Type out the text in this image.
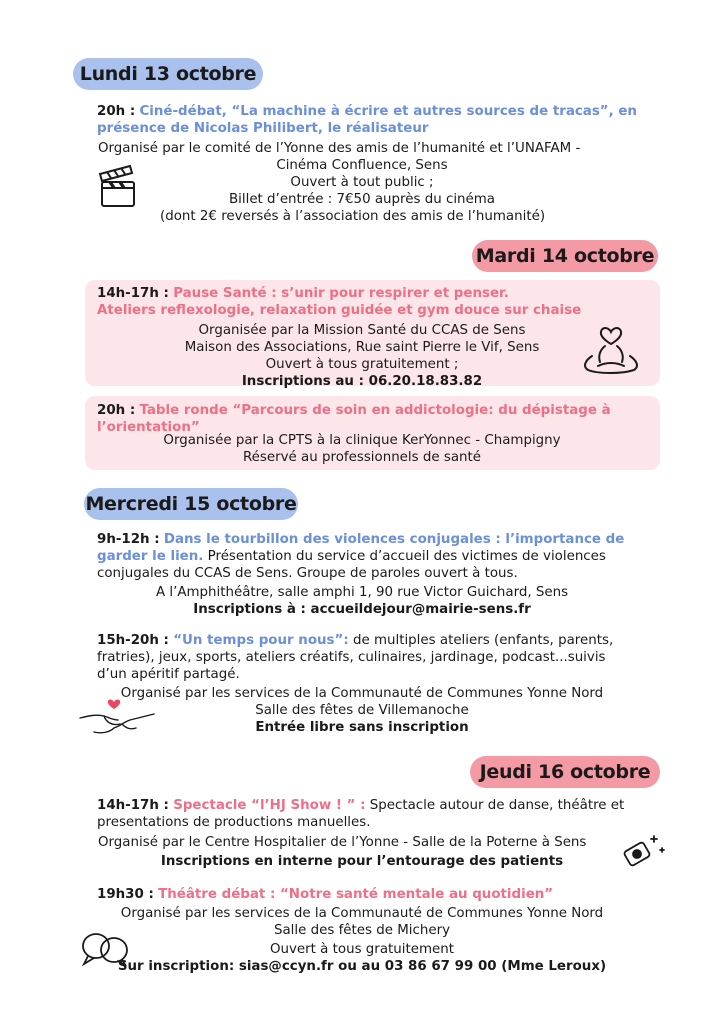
Lundi 13 octobre
20h : Ciné-débat, “La machine à écrire et autres sources de tracas”, en
présence de Nicolas Philibert, le réalisateur
Organisé par le comité de l’Yonne des amis de l’humanité et l’UNAFAM -
Cinéma Confluence, Sens
Ouvert à tout public ;
Billet d’entrée : 7€50 auprès du cinéma
(dont 2€ reversés à l’association des amis de l’humanité)
Mardi 14 octobre
14h-17h : Pause Santé : s’unir pour respirer et penser.
Ateliers reflexologie, relaxation guidée et gym douce sur chaise
Organisée par la Mission Santé du CCAS de Sens
Maison des Associations, Rue saint Pierre le Vif, Sens
Ouvert à tous gratuitement ;
Inscriptions au : 06.20.18.83.82
20h : Table ronde “Parcours de soin en addictologie: du dépistage à
l’orientation”
Organisée par la CPTS à la clinique KerYonnec - Champigny
Réservé au professionnels de santé
Mercredi 15 octobre
9h-12h : Dans le tourbillon des violences conjugales : l’importance de
garder le lien. Présentation du service d’accueil des victimes de violences
conjugales du CCAS de Sens. Groupe de paroles ouvert à tous.
A l’Amphithéâtre, salle amphi 1, 90 rue Victor Guichard, Sens
Inscriptions à : accueildejour@mairie-sens.fr
15h-20h : “Un temps pour nous”: de multiples ateliers (enfants, parents,
fratries), jeux, sports, ateliers créatifs, culinaires, jardinage, podcast...suivis
d’un apéritif partagé.
Organisé par les services de la Communauté de Communes Yonne Nord
Salle des fêtes de Villemanoche
Entrée libre sans inscription
Jeudi 16 octobre
14h-17h : Spectacle “l’HJ Show ! ” : Spectacle autour de danse, théâtre et
presentations de productions manuelles.
Organisé par le Centre Hospitalier de l’Yonne - Salle de la Poterne à Sens
Inscriptions en interne pour l’entourage des patients
19h30 : Théâtre débat : “Notre santé mentale au quotidien”
Organisé par les services de la Communauté de Communes Yonne Nord
Salle des fêtes de Michery
Ouvert à tous gratuitement
Sur inscription: sias@ccyn.fr ou au 03 86 67 99 00 (Mme Leroux)
